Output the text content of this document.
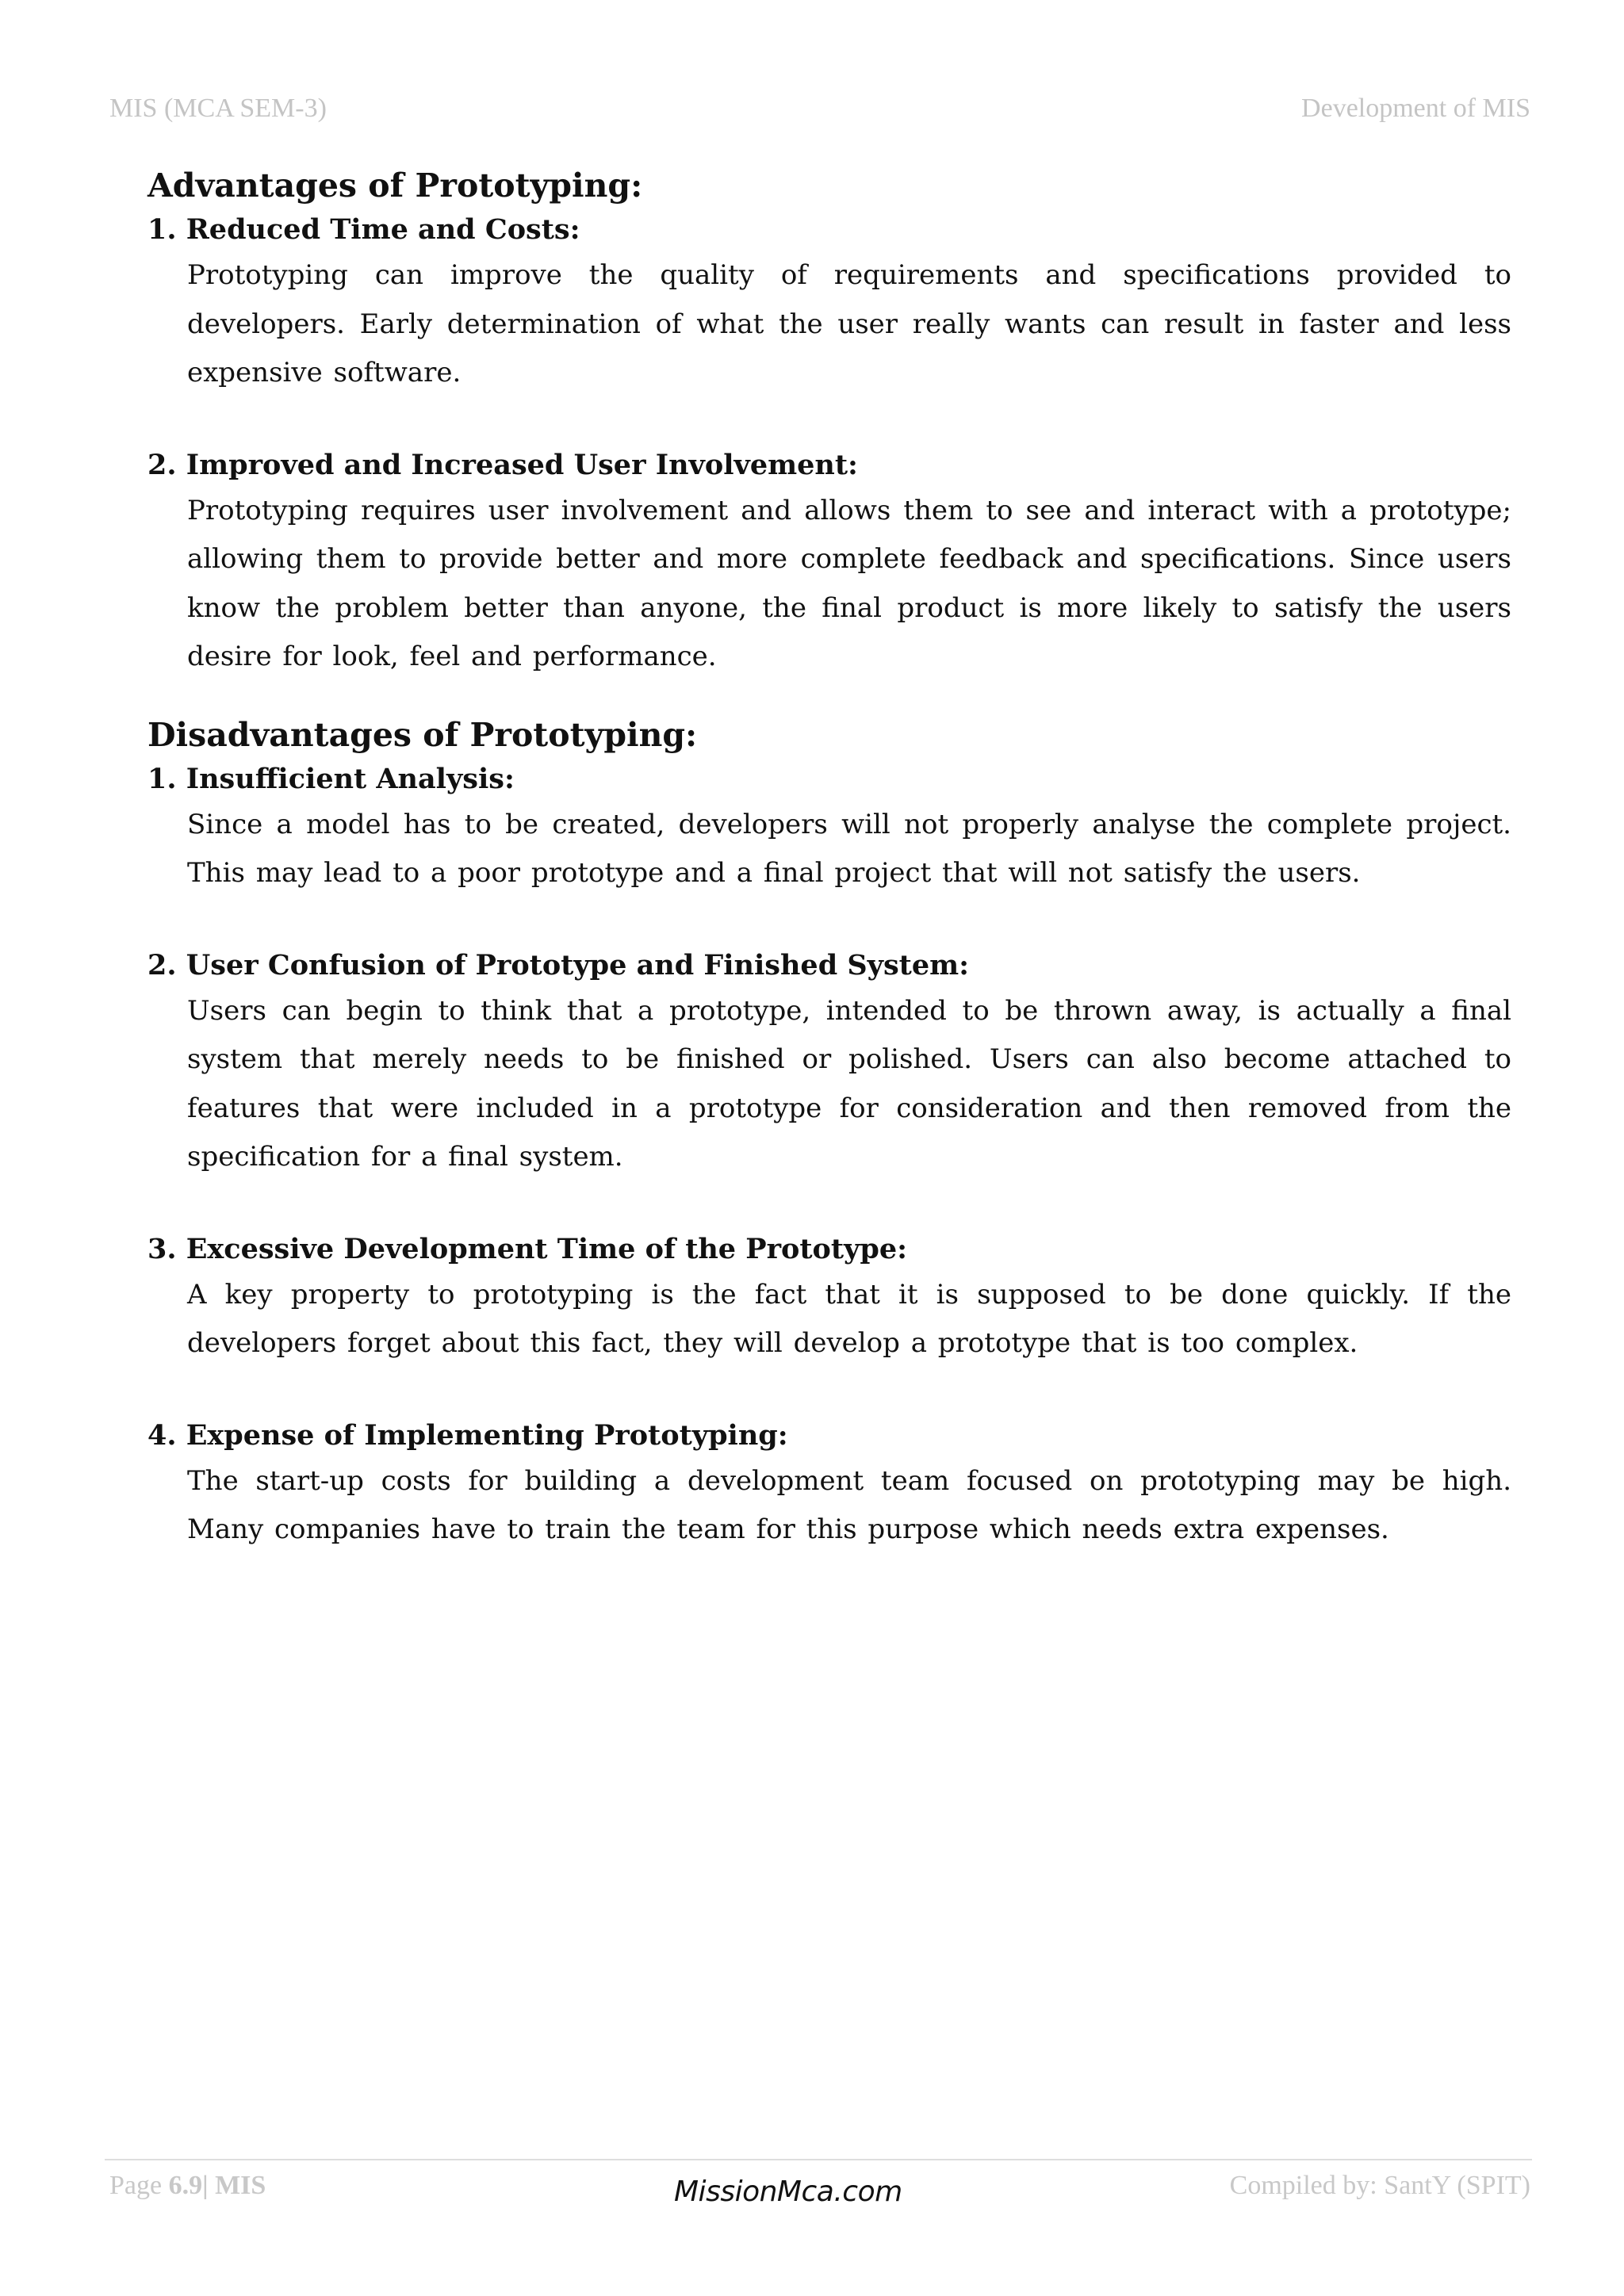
MIS (MCA SEM-3)	Development of MIS
Advantages of Prototyping:

1. Reduced Time and Costs:

Prototyping can improve the quality of requirements and specifications provided to developers. Early determination of what the user really wants can result in faster and less expensive software.

2. Improved and Increased User Involvement:

Prototyping requires user involvement and allows them to see and interact with a prototype; allowing them to provide better and more complete feedback and specifications. Since users know the problem better than anyone, the final product is more likely to satisfy the users desire for look, feel and performance.

Disadvantages of Prototyping:

1. Insufficient Analysis:

Since a model has to be created, developers will not properly analyse the complete project. This may lead to a poor prototype and a final project that will not satisfy the users.

2. User Confusion of Prototype and Finished System:

Users can begin to think that a prototype, intended to be thrown away, is actually a final system that merely needs to be finished or polished. Users can also become attached to features that were included in a prototype for consideration and then removed from the specification for a final system.

3. Excessive Development Time of the Prototype:

A key property to prototyping is the fact that it is supposed to be done quickly. If the developers forget about this fact, they will develop a prototype that is too complex.

4. Expense of Implementing Prototyping:

The start-up costs for building a development team focused on prototyping may be high. Many companies have to train the team for this purpose which needs extra expenses.

Page 6.9| MIS	MissionMca.com	Compiled by: SantY (SPIT)
